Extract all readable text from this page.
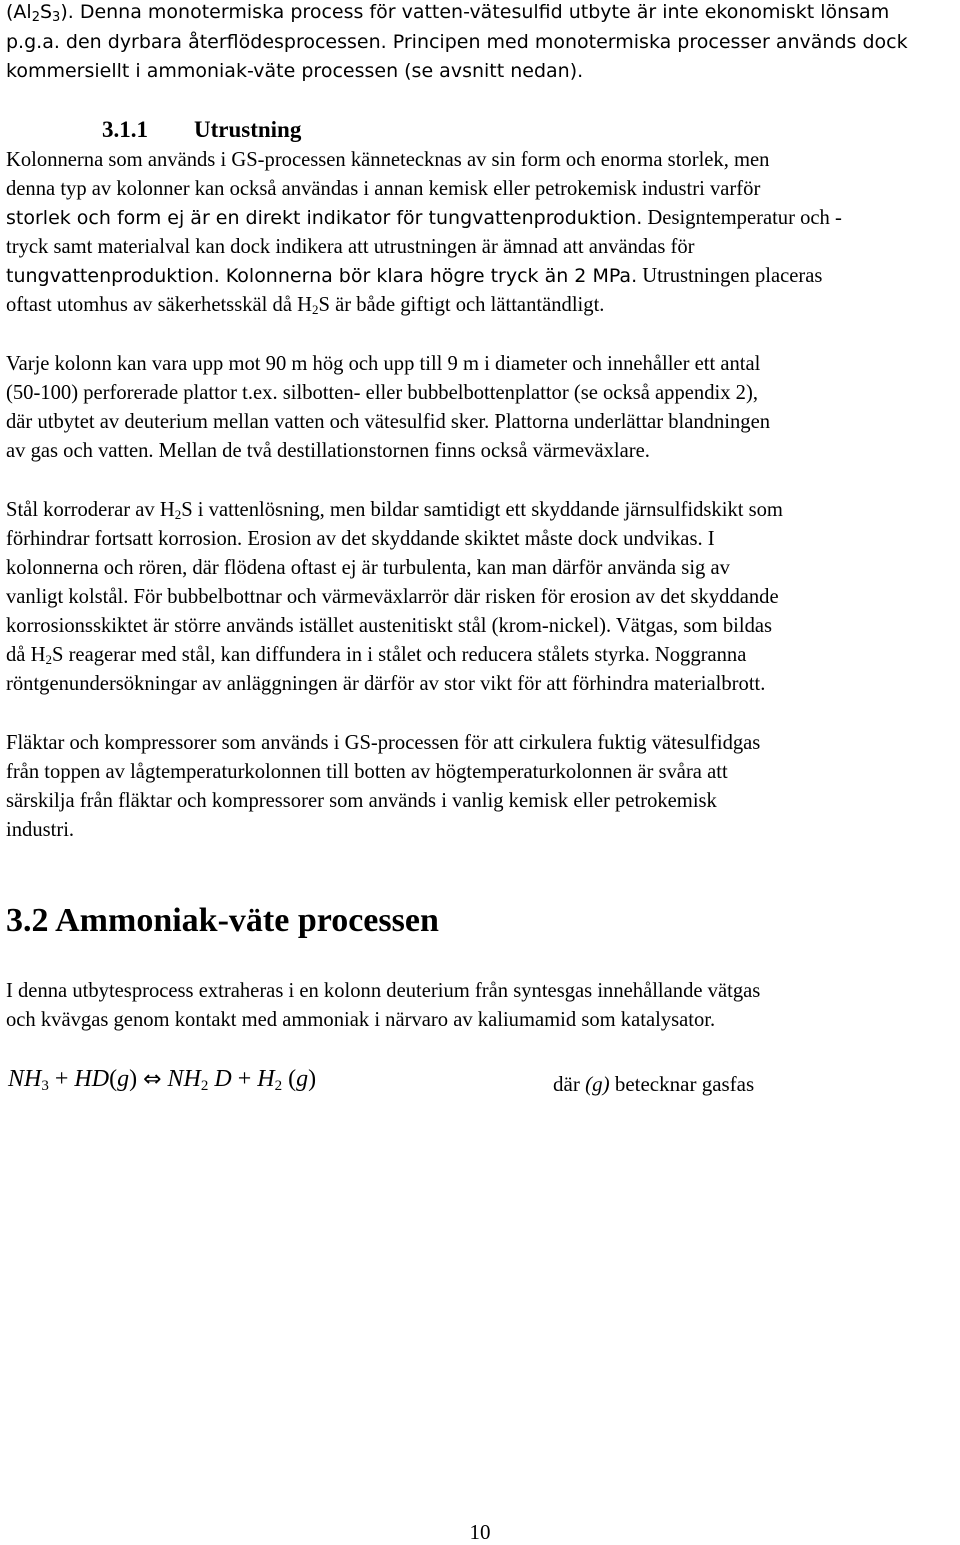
(Al2S3). Denna monotermiska process för vatten-vätesulfid utbyte är inte ekonomiskt lönsam
p.g.a. den dyrbara återflödesprocessen. Principen med monotermiska processer används dock
kommersiellt i ammoniak-väte processen (se avsnitt nedan).
3.1.1 Utrustning
Kolonnerna som används i GS-processen kännetecknas av sin form och enorma storlek, men
denna typ av kolonner kan också användas i annan kemisk eller petrokemisk industri varför
storlek och form ej är en direkt indikator för tungvattenproduktion. Designtemperatur och -
tryck samt materialval kan dock indikera att utrustningen är ämnad att användas för
tungvattenproduktion. Kolonnerna bör klara högre tryck än 2 MPa. Utrustningen placeras
oftast utomhus av säkerhetsskäl då H2S är både giftigt och lättantändligt.
Varje kolonn kan vara upp mot 90 m hög och upp till 9 m i diameter och innehåller ett antal
(50-100) perforerade plattor t.ex. silbotten- eller bubbelbottenplattor (se också appendix 2),
där utbytet av deuterium mellan vatten och vätesulfid sker. Plattorna underlättar blandningen
av gas och vatten. Mellan de två destillationstornen finns också värmeväxlare.
Stål korroderar av H2S i vattenlösning, men bildar samtidigt ett skyddande järnsulfidskikt som
förhindrar fortsatt korrosion. Erosion av det skyddande skiktet måste dock undvikas. I
kolonnerna och rören, där flödena oftast ej är turbulenta, kan man därför använda sig av
vanligt kolstål. För bubbelbottnar och värmeväxlarrör där risken för erosion av det skyddande
korrosionsskiktet är större används istället austenitiskt stål (krom-nickel). Vätgas, som bildas
då H2S reagerar med stål, kan diffundera in i stålet och reducera stålets styrka. Noggranna
röntgenundersökningar av anläggningen är därför av stor vikt för att förhindra materialbrott.
Fläktar och kompressorer som används i GS-processen för att cirkulera fuktig vätesulfidgas
från toppen av lågtemperaturkolonnen till botten av högtemperaturkolonnen är svåra att
särskilja från fläktar och kompressorer som används i vanlig kemisk eller petrokemisk
industri.
3.2 Ammoniak-väte processen
I denna utbytesprocess extraheras i en kolonn deuterium från syntesgas innehållande vätgas
och kvävgas genom kontakt med ammoniak i närvaro av kaliumamid som katalysator.
$NH_3 + HD(g)$ ⇔ $NH_2$ $D + H_2$ (g)	där (g) betecknar gasfas
10
